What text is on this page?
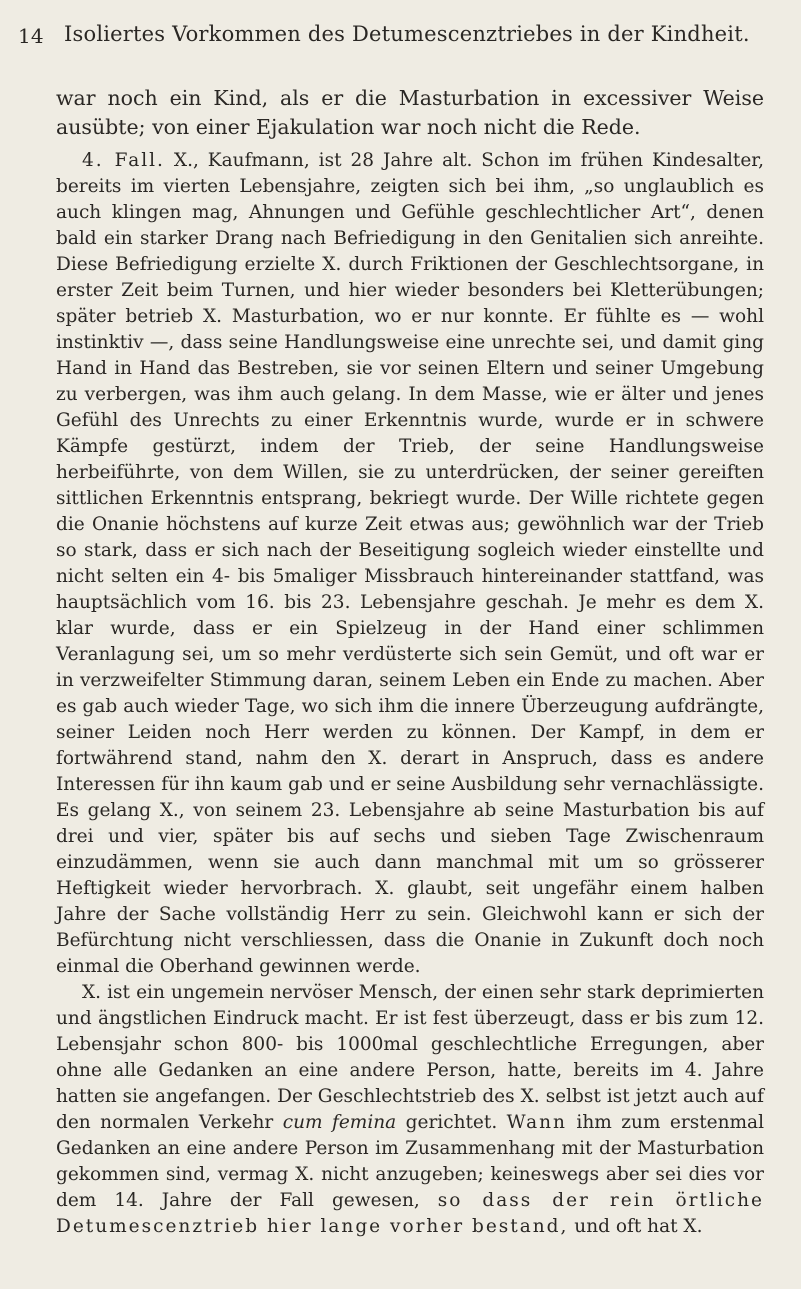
14 Isoliertes Vorkommen des Detumescenztriebes in der Kindheit.

war noch ein Kind, als er die Masturbation in excessiver Weise ausübte; von einer Ejakulation war noch nicht die Rede.

4. Fall. X., Kaufmann, ist 28 Jahre alt. Schon im frühen Kindesalter, bereits im vierten Lebensjahre, zeigten sich bei ihm, „so unglaublich es auch klingen mag, Ahnungen und Gefühle geschlechtlicher Art“, denen bald ein starker Drang nach Befriedigung in den Genitalien sich anreihte. Diese Befriedigung erzielte X. durch Friktionen der Geschlechtsorgane, in erster Zeit beim Turnen, und hier wieder besonders bei Kletterübungen; später betrieb X. Masturbation, wo er nur konnte. Er fühlte es — wohl instinktiv —, dass seine Handlungsweise eine unrechte sei, und damit ging Hand in Hand das Bestreben, sie vor seinen Eltern und seiner Umgebung zu verbergen, was ihm auch gelang. In dem Masse, wie er älter und jenes Gefühl des Unrechts zu einer Erkenntnis wurde, wurde er in schwere Kämpfe gestürzt, indem der Trieb, der seine Handlungsweise herbeiführte, von dem Willen, sie zu unterdrücken, der seiner gereiften sittlichen Erkenntnis entsprang, bekriegt wurde. Der Wille richtete gegen die Onanie höchstens auf kurze Zeit etwas aus; gewöhnlich war der Trieb so stark, dass er sich nach der Beseitigung sogleich wieder einstellte und nicht selten ein 4- bis 5maliger Missbrauch hintereinander stattfand, was hauptsächlich vom 16. bis 23. Lebensjahre geschah. Je mehr es dem X. klar wurde, dass er ein Spielzeug in der Hand einer schlimmen Veranlagung sei, um so mehr verdüsterte sich sein Gemüt, und oft war er in verzweifelter Stimmung daran, seinem Leben ein Ende zu machen. Aber es gab auch wieder Tage, wo sich ihm die innere Überzeugung aufdrängte, seiner Leiden noch Herr werden zu können. Der Kampf, in dem er fortwährend stand, nahm den X. derart in Anspruch, dass es andere Interessen für ihn kaum gab und er seine Ausbildung sehr vernachlässigte. Es gelang X., von seinem 23. Lebensjahre ab seine Masturbation bis auf drei und vier, später bis auf sechs und sieben Tage Zwischenraum einzudämmen, wenn sie auch dann manchmal mit um so grösserer Heftigkeit wieder hervorbrach. X. glaubt, seit ungefähr einem halben Jahre der Sache vollständig Herr zu sein. Gleichwohl kann er sich der Befürchtung nicht verschliessen, dass die Onanie in Zukunft doch noch einmal die Oberhand gewinnen werde.

X. ist ein ungemein nervöser Mensch, der einen sehr stark deprimierten und ängstlichen Eindruck macht. Er ist fest überzeugt, dass er bis zum 12. Lebensjahr schon 800- bis 1000mal geschlechtliche Erregungen, aber ohne alle Gedanken an eine andere Person, hatte, bereits im 4. Jahre hatten sie angefangen. Der Geschlechtstrieb des X. selbst ist jetzt auch auf den normalen Verkehr cum femina gerichtet. Wann ihm zum erstenmal Gedanken an eine andere Person im Zusammenhang mit der Masturbation gekommen sind, vermag X. nicht anzugeben; keineswegs aber sei dies vor dem 14. Jahre der Fall gewesen, so dass der rein örtliche Detumescenztrieb hier lange vorher bestand, und oft hat X.
